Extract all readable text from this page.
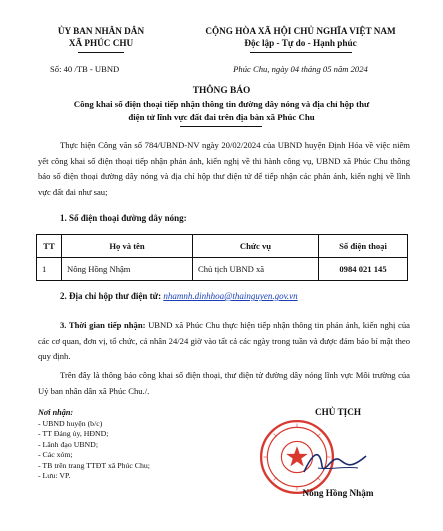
ỦY BAN NHÂN DÂN
XÃ PHÚC CHU
Số: 40 /TB - UBND
CỘNG HÒA XÃ HỘI CHỦ NGHĨA VIỆT NAM
Độc lập - Tự do - Hạnh phúc
Phúc Chu, ngày 04 tháng 05 năm 2024
THÔNG BÁO
Công khai số điện thoại tiếp nhận thông tin đường dây nóng và địa chỉ hộp thư
điện tử lĩnh vực đất đai trên địa bàn xã Phúc Chu
Thực hiện Công văn số 784/UBND-NV ngày 20/02/2024 của UBND huyện Định Hóa về việc niêm yết công khai số điện thoại tiếp nhận phản ánh, kiến nghị về thi hành công vụ, UBND xã Phúc Chu thông báo số điện thoại đường dây nóng và địa chỉ hộp thư điện tử để tiếp nhận các phản ánh, kiến nghị về lĩnh vực đất đai như sau;
1. Số điện thoại đường dây nóng:
TT	Họ và tên	Chức vụ	Số điện thoại
1	Nông Hồng Nhậm	Chủ tịch UBND xã	0984 021 145
2. Địa chỉ hộp thư điện tử: nhamnh.dinhhoa@thainguyen.gov.vn
3. Thời gian tiếp nhận: UBND xã Phúc Chu thực hiện tiếp nhận thông tin phản ánh, kiến nghị của các cơ quan, đơn vị, tổ chức, cá nhân 24/24 giờ vào tất cả các ngày trong tuần và được đảm bảo bí mật theo quy định.
Trên đây là thông báo công khai số điện thoại, thư điện tử đường dây nóng lĩnh vực Môi trường của Uỷ ban nhân dân xã Phúc Chu./.
Nơi nhận:
- UBND huyện (b/c)
- TT Đảng ủy, HĐND;
- Lãnh đạo UBND;
- Các xóm;
- TB trên trang TTĐT xã Phúc Chu;
- Lưu: VP.
CHỦ TỊCH
Nông Hồng Nhậm
